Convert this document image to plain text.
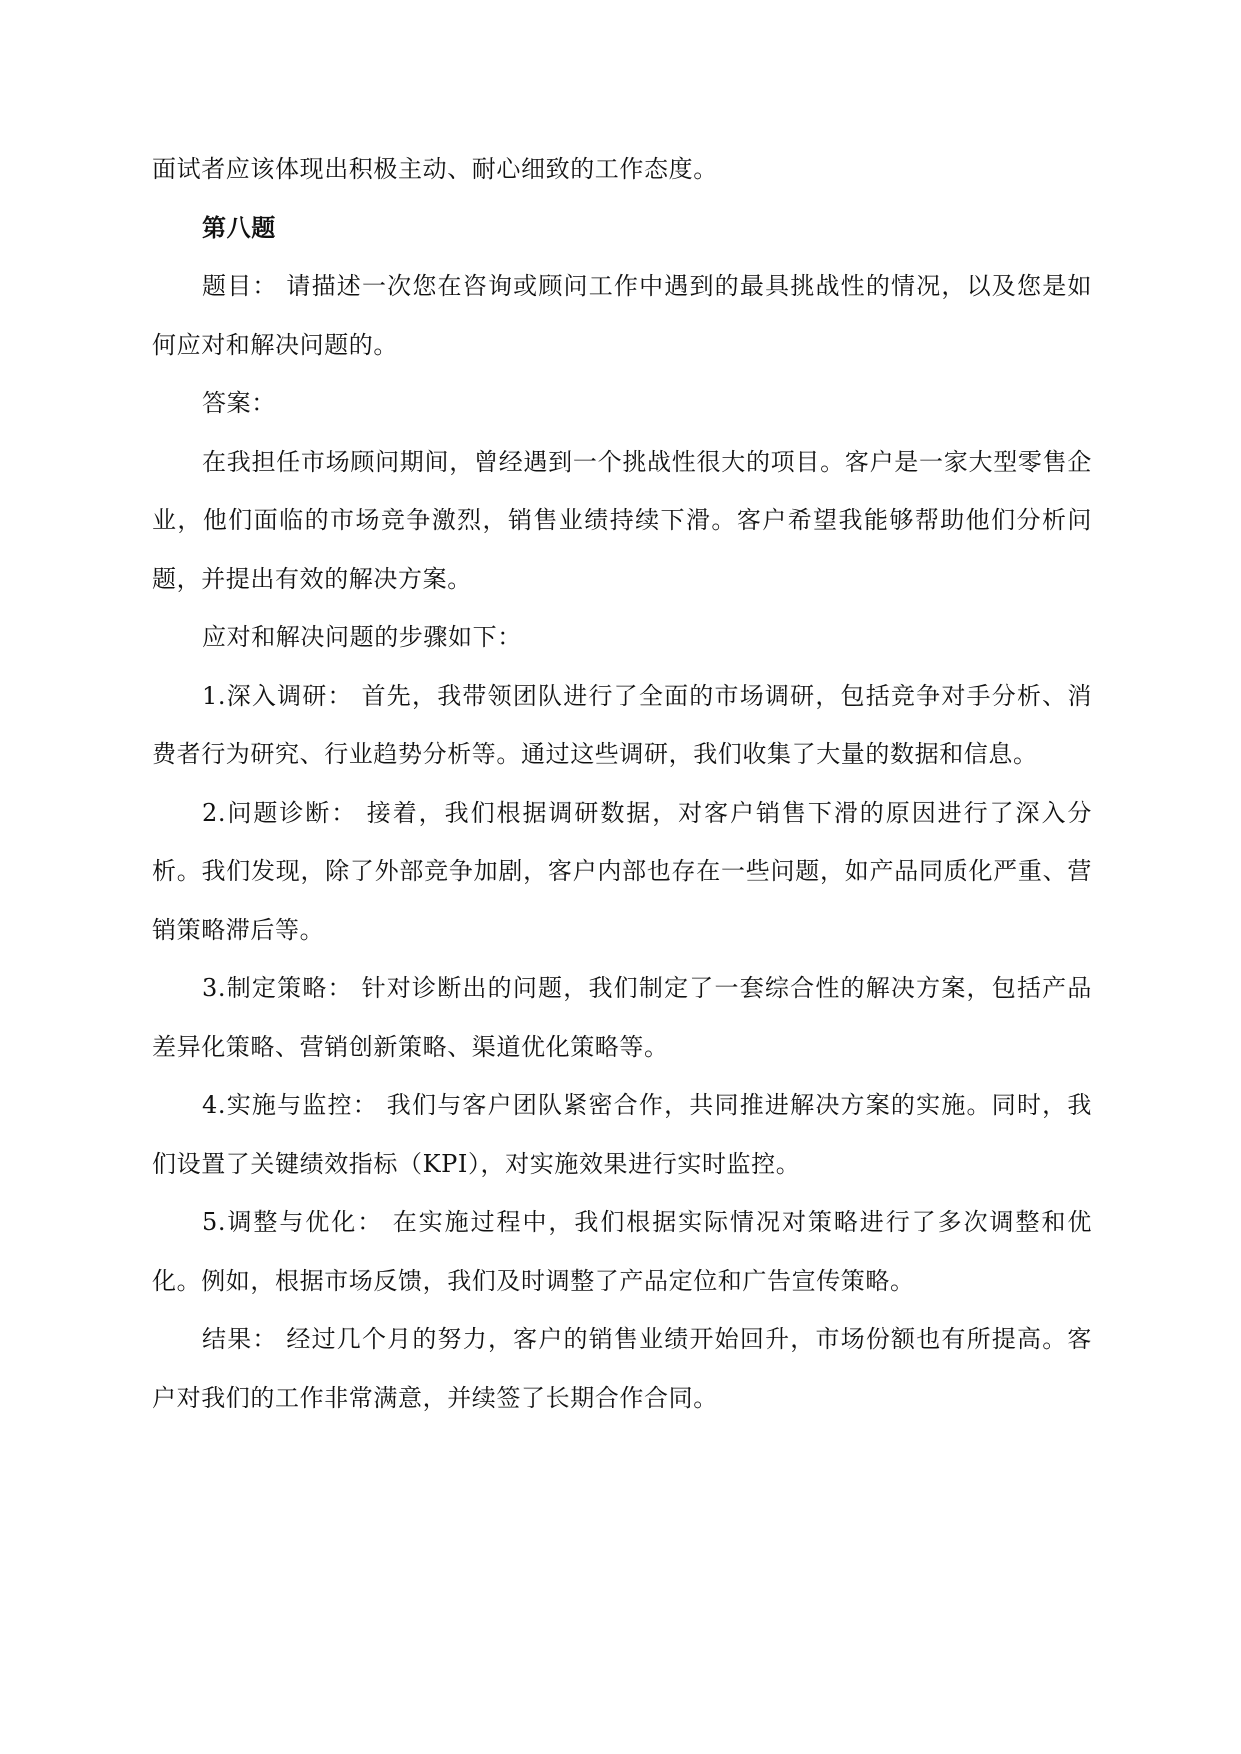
面试者应该体现出积极主动、耐心细致的工作态度。

第八题

题目： 请描述一次您在咨询或顾问工作中遇到的最具挑战性的情况，以及您是如何应对和解决问题的。

答案：

在我担任市场顾问期间，曾经遇到一个挑战性很大的项目。客户是一家大型零售企业，他们面临的市场竞争激烈，销售业绩持续下滑。客户希望我能够帮助他们分析问题，并提出有效的解决方案。

应对和解决问题的步骤如下：

1.深入调研： 首先，我带领团队进行了全面的市场调研，包括竞争对手分析、消费者行为研究、行业趋势分析等。通过这些调研，我们收集了大量的数据和信息。

2.问题诊断： 接着，我们根据调研数据，对客户销售下滑的原因进行了深入分析。我们发现，除了外部竞争加剧，客户内部也存在一些问题，如产品同质化严重、营销策略滞后等。

3.制定策略： 针对诊断出的问题，我们制定了一套综合性的解决方案，包括产品差异化策略、营销创新策略、渠道优化策略等。

4.实施与监控： 我们与客户团队紧密合作，共同推进解决方案的实施。同时，我们设置了关键绩效指标（KPI），对实施效果进行实时监控。

5.调整与优化： 在实施过程中，我们根据实际情况对策略进行了多次调整和优化。例如，根据市场反馈，我们及时调整了产品定位和广告宣传策略。

结果： 经过几个月的努力，客户的销售业绩开始回升，市场份额也有所提高。客户对我们的工作非常满意，并续签了长期合作合同。
